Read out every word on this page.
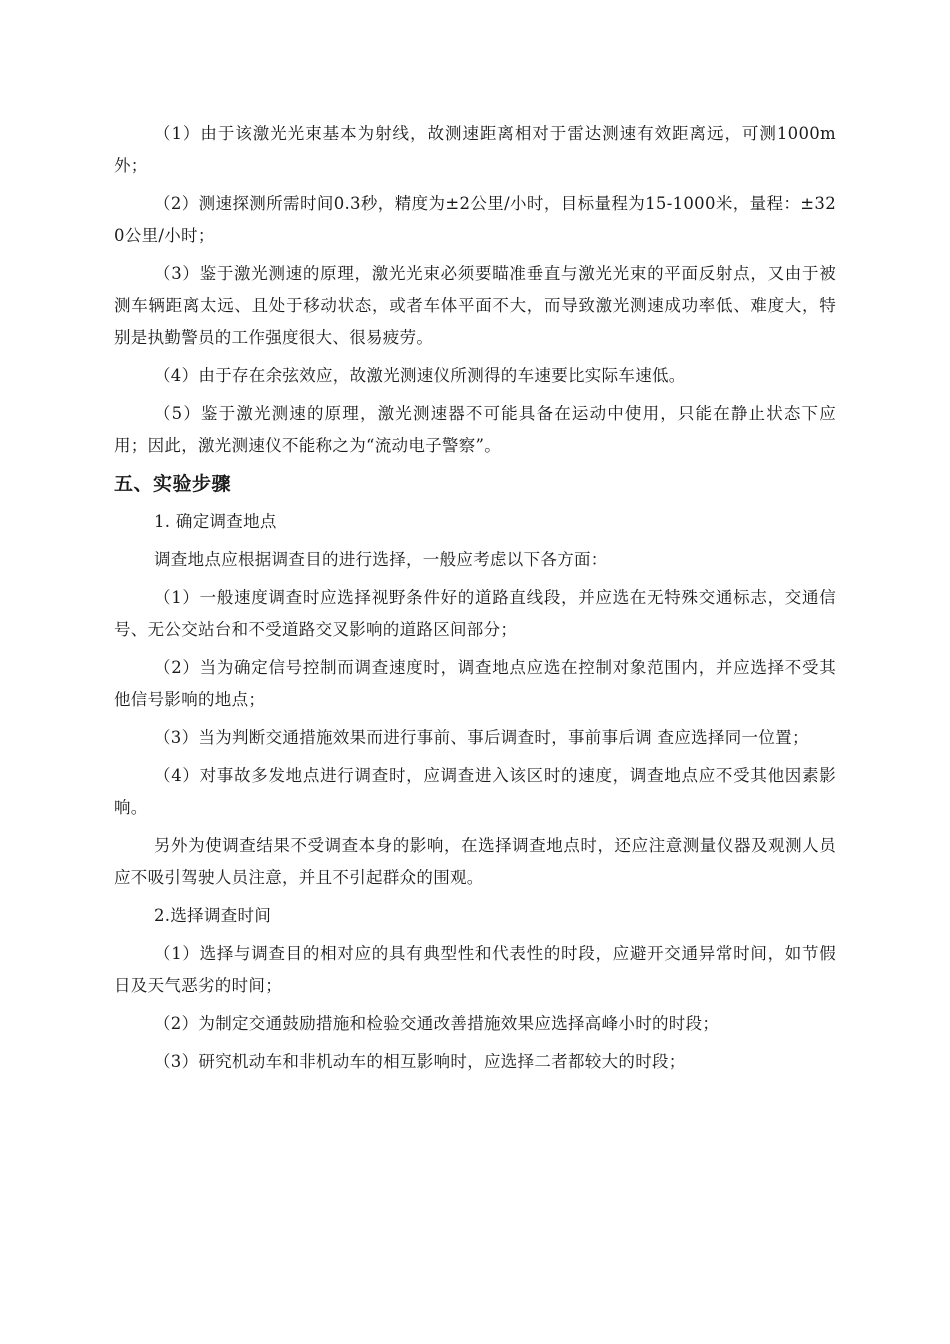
（1）由于该激光光束基本为射线，故测速距离相对于雷达测速有效距离远，可测1000m外；

（2）测速探测所需时间0.3秒，精度为±2公里/小时，目标量程为15-1000米，量程：±320公里/小时；

（3）鉴于激光测速的原理，激光光束必须要瞄准垂直与激光光束的平面反射点，又由于被测车辆距离太远、且处于移动状态，或者车体平面不大，而导致激光测速成功率低、难度大，特别是执勤警员的工作强度很大、很易疲劳。

（4）由于存在余弦效应，故激光测速仪所测得的车速要比实际车速低。

（5）鉴于激光测速的原理，激光测速器不可能具备在运动中使用，只能在静止状态下应用；因此，激光测速仪不能称之为“流动电子警察”。

五、实验步骤

1. 确定调查地点

调查地点应根据调查目的进行选择，一般应考虑以下各方面：

（1）一般速度调查时应选择视野条件好的道路直线段，并应选在无特殊交通标志，交通信号、无公交站台和不受道路交叉影响的道路区间部分；

（2）当为确定信号控制而调查速度时，调查地点应选在控制对象范围内，并应选择不受其他信号影响的地点；

（3）当为判断交通措施效果而进行事前、事后调查时，事前事后调 查应选择同一位置；

（4）对事故多发地点进行调查时，应调查进入该区时的速度，调查地点应不受其他因素影响。

另外为使调查结果不受调查本身的影响，在选择调查地点时，还应注意测量仪器及观测人员应不吸引驾驶人员注意，并且不引起群众的围观。

2.选择调查时间

（1）选择与调查目的相对应的具有典型性和代表性的时段，应避开交通异常时间，如节假日及天气恶劣的时间；

（2）为制定交通鼓励措施和检验交通改善措施效果应选择高峰小时的时段；

（3）研究机动车和非机动车的相互影响时，应选择二者都较大的时段；
